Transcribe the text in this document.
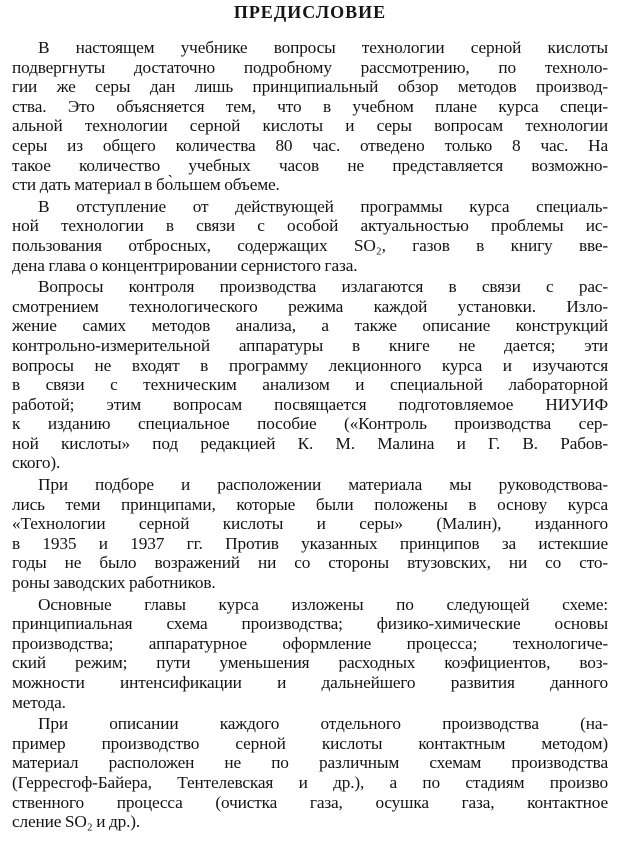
ПРЕДИСЛОВИЕ
В настоящем учебнике вопросы технологии серной кислоты
подвергнуты достаточно подробному рассмотрению, по техноло-
гии же серы дан лишь принципиальный обзор методов производ-
ства. Это объясняется тем, что в учебном плане курса специ-
альной технологии серной кислоты и серы вопросам технологии
серы из общего количества 80 час. отведено только 8 час. На
такое количество учебных часов не представляется возможно-
сти дать материал в бо̀льшем объеме.
В отступление от действующей программы курса специаль-
ной технологии в связи с особой актуальностью проблемы ис-
пользования отбросных, содержащих SO₂, газов в книгу вве-
дена глава о концентрировании сернистого газа.
Вопросы контроля производства излагаются в связи с рас-
смотрением технологического режима каждой установки. Изло-
жение самих методов анализа, а также описание конструкций
контрольно-измерительной аппаратуры в книге не дается; эти
вопросы не входят в программу лекционного курса и изучаются
в связи с техническим анализом и специальной лабораторной
работой; этим вопросам посвящается подготовляемое НИУИФ
к изданию специальное пособие («Контроль производства сер-
ной кислоты» под редакцией К. М. Малина и Г. В. Рабов-
ского).
При подборе и расположении материала мы руководствова-
лись теми принципами, которые были положены в основу курса
«Технологии серной кислоты и серы» (Малин), изданного
в 1935 и 1937 гг. Против указанных принципов за истекшие
годы не было возражений ни со стороны втузовских, ни со сто-
роны заводских работников.
Основные главы курса изложены по следующей схеме:
принципиальная схема производства; физико-химические основы
производства; аппаратурное оформление процесса; технологиче-
ский режим; пути уменьшения расходных коэфициентов, воз-
можности интенсификации и дальнейшего развития данного
метода.
При описании каждого отдельного производства (на-
пример производство серной кислоты контактным методом)
материал расположен не по различным схемам производства
(Герресгоф-Байера, Тентелевская и др.), а по стадиям произво
ственного процесса (очистка газа, осушка газа, контактное
сление SO₂ и др.).
